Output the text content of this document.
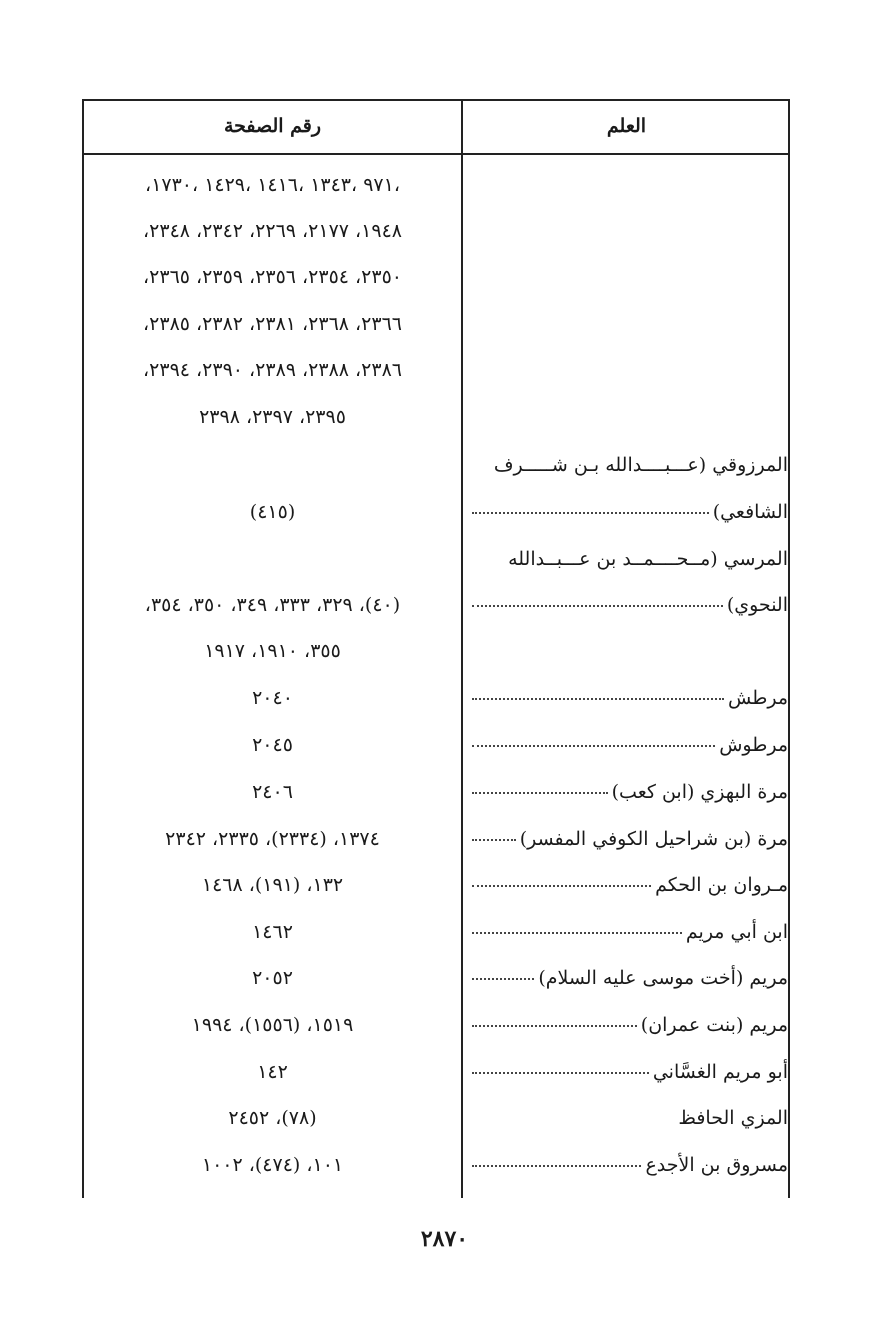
العلم
رقم الصفحة
،٩٧١ ،١٣٤٣ ،١٤١٦ ،١٤٢٩ ،١٧٣٠،
١٩٤٨، ٢١٧٧، ٢٢٦٩، ٢٣٤٢، ٢٣٤٨،
٢٣٥٠، ٢٣٥٤، ٢٣٥٦، ٢٣٥٩، ٢٣٦٥،
٢٣٦٦، ٢٣٦٨، ٢٣٨١، ٢٣٨٢، ٢٣٨٥،
٢٣٨٦، ٢٣٨٨، ٢٣٨٩، ٢٣٩٠، ٢٣٩٤،
٢٣٩٥، ٢٣٩٧، ٢٣٩٨
المرزوقي (عـــبــــدالله بـن شـــــرف
الشافعي)
(٤١٥)
المرسي (مــحــــمــد بن عـــبــدالله
النحوي)
(٤٠)، ٣٢٩، ٣٣٣، ٣٤٩، ٣٥٠، ٣٥٤،
٣٥٥، ١٩١٠، ١٩١٧
مرطش
٢٠٤٠
مرطوش
٢٠٤٥
مرة البهزي (ابن كعب)
٢٤٠٦
مرة (بن شراحيل الكوفي المفسر)
١٣٧٤، (٢٣٣٤)، ٢٣٣٥، ٢٣٤٢
مـروان بن الحكم
١٣٢، (١٩١)، ١٤٦٨
ابن أبي مريم
١٤٦٢
مريم (أخت موسى عليه السلام)
٢٠٥٢
مريم (بنت عمران)
١٥١٩، (١٥٥٦)، ١٩٩٤
أبو مريم الغسَّاني
١٤٢
المزي الحافظ
(٧٨)، ٢٤٥٢
مسروق بن الأجدع
١٠١، (٤٧٤)، ١٠٠٢
٢٨٧٠
